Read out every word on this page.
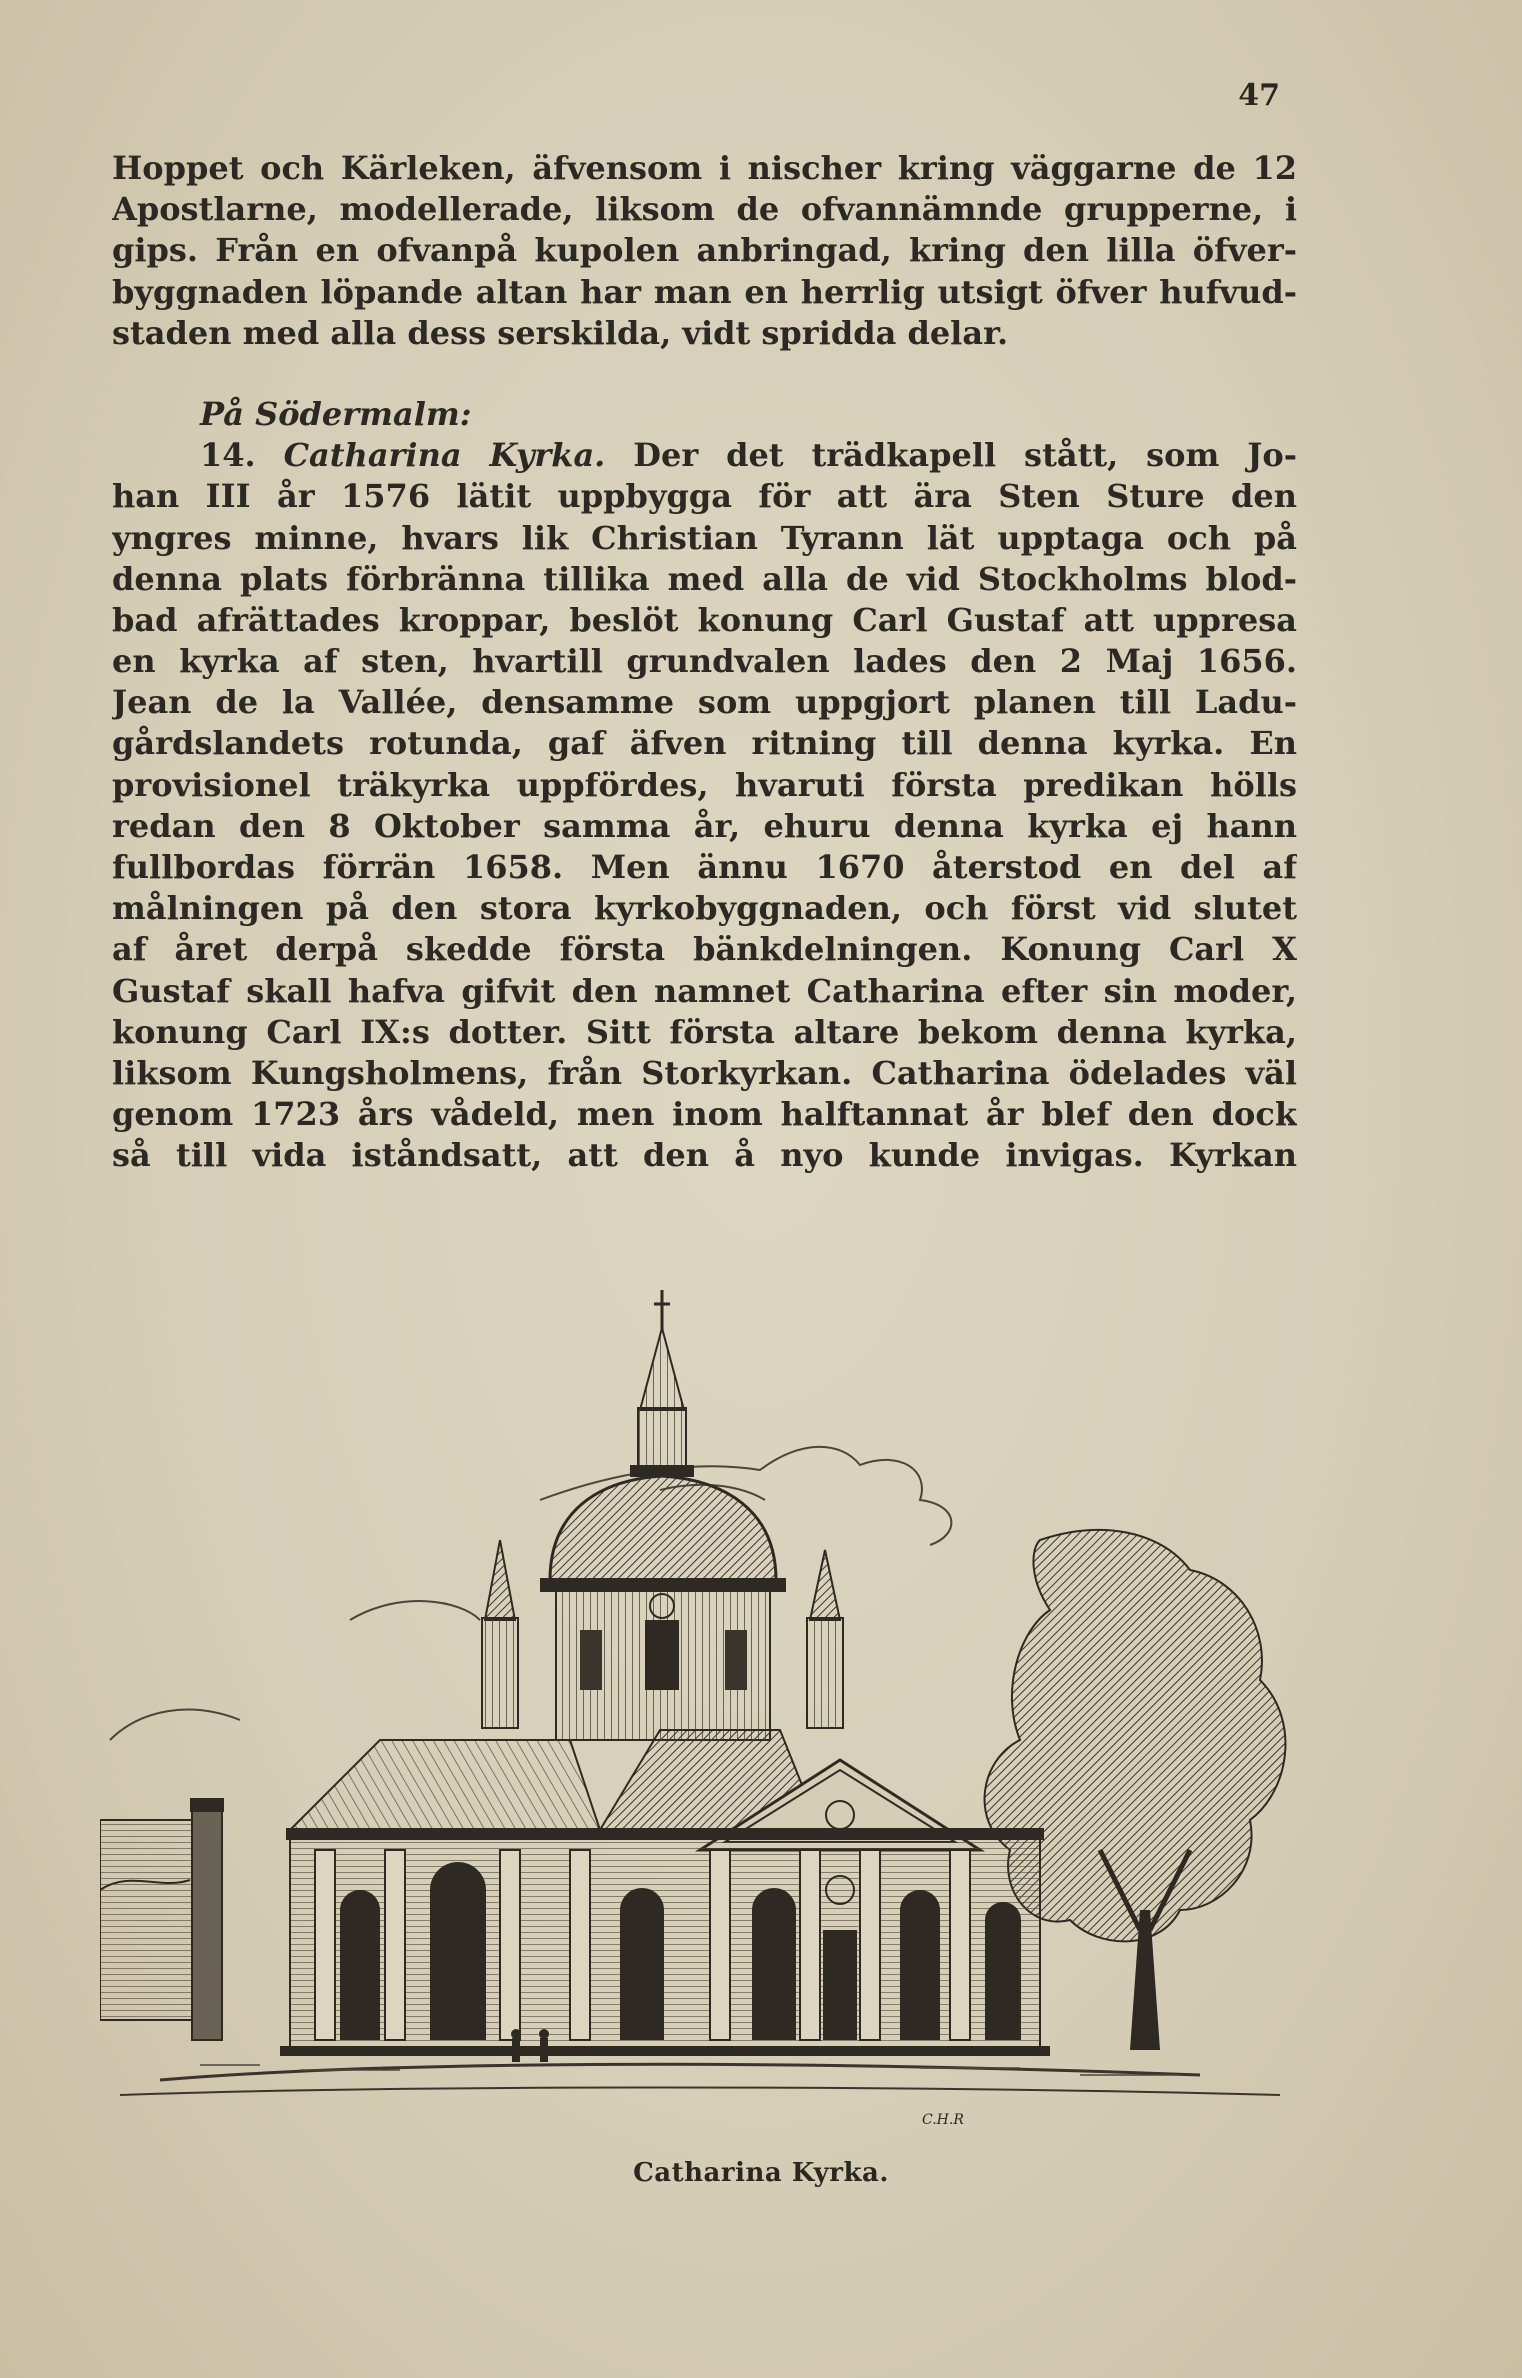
47
Hoppet och Kärleken, äfvensom i nischer kring väggarne de 12
Apostlarne, modellerade, liksom de ofvannämnde grupperne, i
gips. Från en ofvanpå kupolen anbringad, kring den lilla öfver-
byggnaden löpande altan har man en herrlig utsigt öfver hufvud-
staden med alla dess serskilda, vidt spridda delar.
På Södermalm:
14. Catharina Kyrka. Der det trädkapell stått, som Jo-
han III år 1576 lätit uppbygga för att ära Sten Sture den
yngres minne, hvars lik Christian Tyrann lät upptaga och på
denna plats förbränna tillika med alla de vid Stockholms blod-
bad afrättades kroppar, beslöt konung Carl Gustaf att uppresa
en kyrka af sten, hvartill grundvalen lades den 2 Maj 1656.
Jean de la Vallée, densamme som uppgjort planen till Ladu-
gårdslandets rotunda, gaf äfven ritning till denna kyrka. En
provisionel träkyrka uppfördes, hvaruti första predikan hölls
redan den 8 Oktober samma år, ehuru denna kyrka ej hann
fullbordas förrän 1658. Men ännu 1670 återstod en del af
målningen på den stora kyrkobyggnaden, och först vid slutet
af året derpå skedde första bänkdelningen. Konung Carl X
Gustaf skall hafva gifvit den namnet Catharina efter sin moder,
konung Carl IX:s dotter. Sitt första altare bekom denna kyrka,
liksom Kungsholmens, från Storkyrkan. Catharina ödelades väl
genom 1723 års vådeld, men inom halftannat år blef den dock
så till vida iståndsatt, att den å nyo kunde invigas. Kyrkan
C.H.R
Catharina Kyrka.
